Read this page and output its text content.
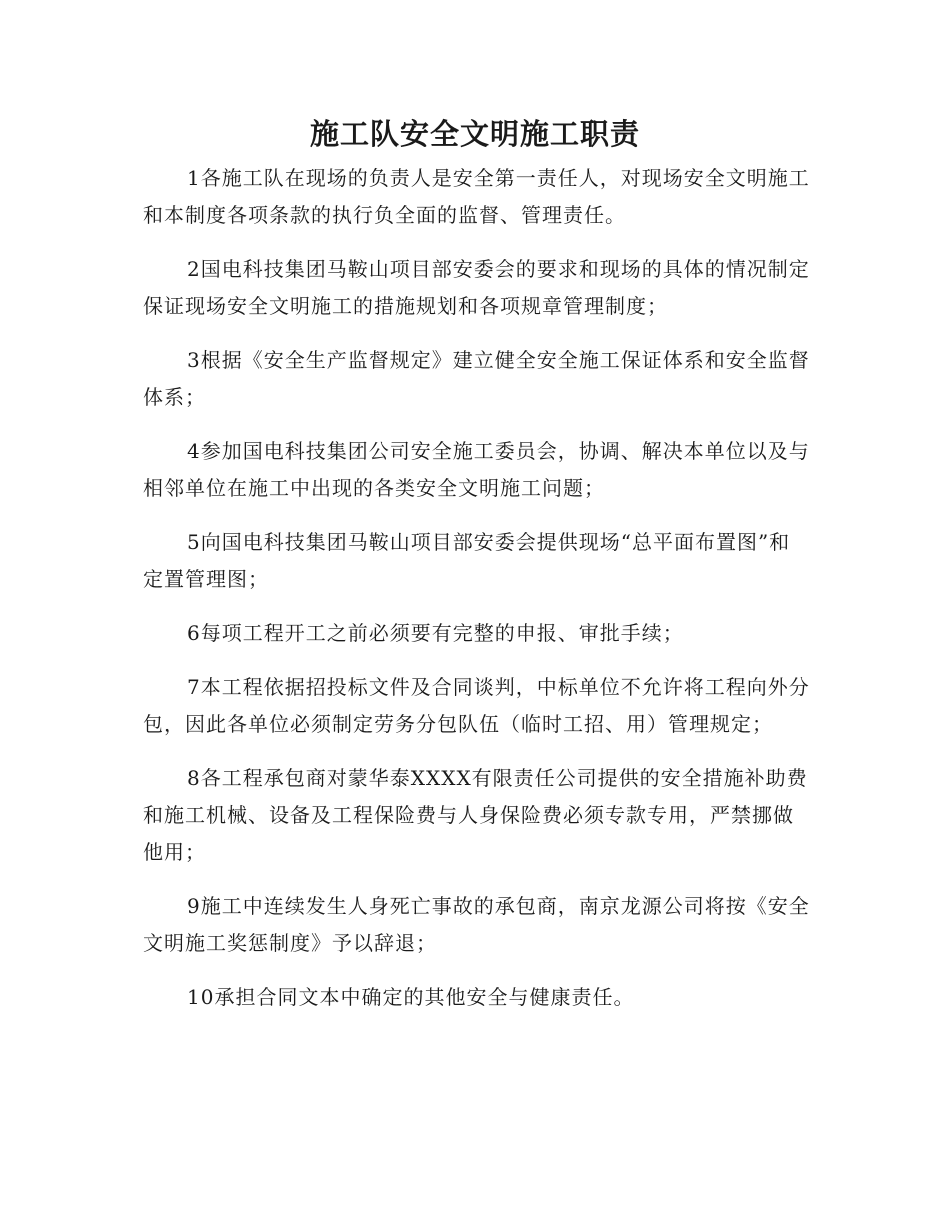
施工队安全文明施工职责

1各施工队在现场的负责人是安全第一责任人，对现场安全文明施工和本制度各项条款的执行负全面的监督、管理责任。

2国电科技集团马鞍山项目部安委会的要求和现场的具体的情况制定保证现场安全文明施工的措施规划和各项规章管理制度；

3根据《安全生产监督规定》建立健全安全施工保证体系和安全监督体系；

4参加国电科技集团公司安全施工委员会，协调、解决本单位以及与相邻单位在施工中出现的各类安全文明施工问题；

5向国电科技集团马鞍山项目部安委会提供现场“总平面布置图”和定置管理图；

6每项工程开工之前必须要有完整的申报、审批手续；

7本工程依据招投标文件及合同谈判，中标单位不允许将工程向外分包，因此各单位必须制定劳务分包队伍（临时工招、用）管理规定；

8各工程承包商对蒙华泰XXXX有限责任公司提供的安全措施补助费和施工机械、设备及工程保险费与人身保险费必须专款专用，严禁挪做他用；

9施工中连续发生人身死亡事故的承包商，南京龙源公司将按《安全文明施工奖惩制度》予以辞退；

10承担合同文本中确定的其他安全与健康责任。
